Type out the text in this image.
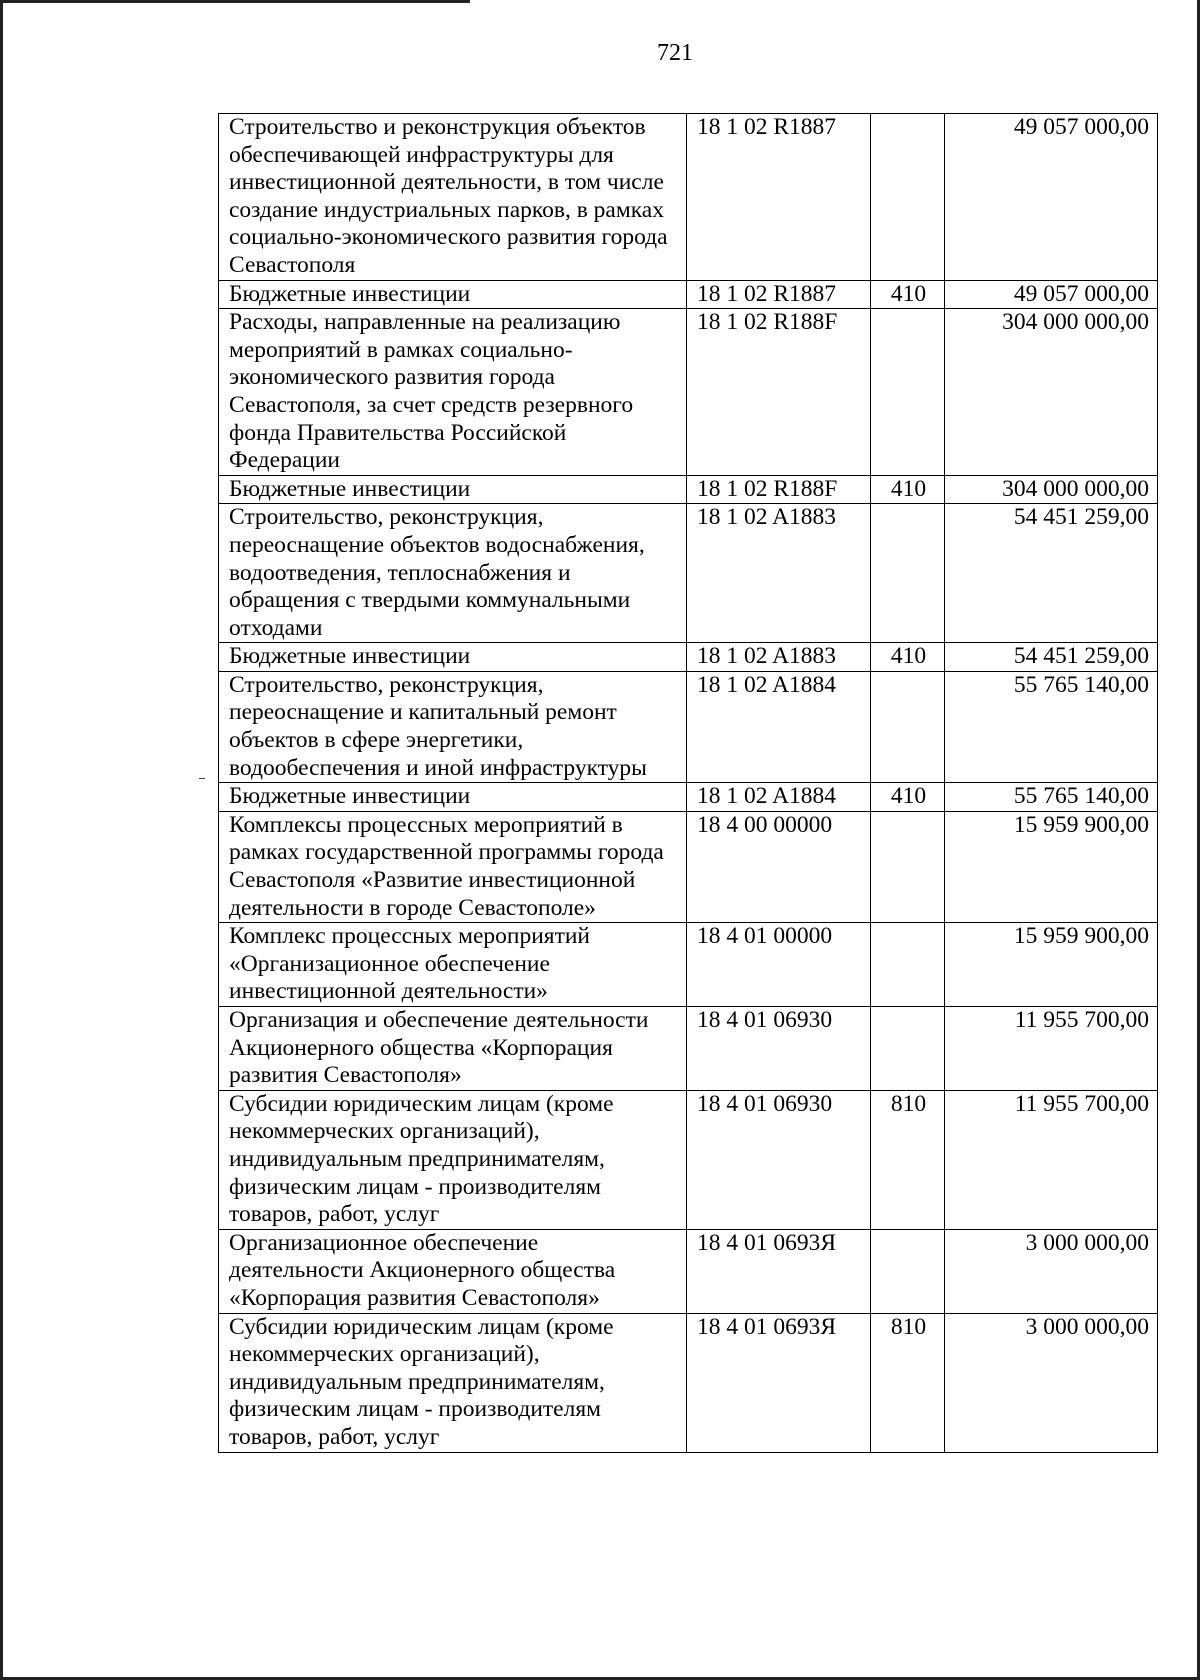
721
Строительство и реконструкция объектов обеспечивающей инфраструктуры для инвестиционной деятельности, в том числе создание индустриальных парков, в рамках социально-экономического развития города Севастополя	18 1 02 R1887		49 057 000,00
Бюджетные инвестиции	18 1 02 R1887	410	49 057 000,00
Расходы, направленные на реализацию мероприятий в рамках социально-экономического развития города Севастополя, за счет средств резервного фонда Правительства Российской Федерации	18 1 02 R188F		304 000 000,00
Бюджетные инвестиции	18 1 02 R188F	410	304 000 000,00
Строительство, реконструкция, переоснащение объектов водоснабжения, водоотведения, теплоснабжения и обращения с твердыми коммунальными отходами	18 1 02 A1883		54 451 259,00
Бюджетные инвестиции	18 1 02 A1883	410	54 451 259,00
Строительство, реконструкция, переоснащение и капитальный ремонт объектов в сфере энергетики, водообеспечения и иной инфраструктуры	18 1 02 A1884		55 765 140,00
Бюджетные инвестиции	18 1 02 A1884	410	55 765 140,00
Комплексы процессных мероприятий в рамках государственной программы города Севастополя «Развитие инвестиционной деятельности в городе Севастополе»	18 4 00 00000		15 959 900,00
Комплекс процессных мероприятий «Организационное обеспечение инвестиционной деятельности»	18 4 01 00000		15 959 900,00
Организация и обеспечение деятельности Акционерного общества «Корпорация развития Севастополя»	18 4 01 06930		11 955 700,00
Субсидии юридическим лицам (кроме некоммерческих организаций), индивидуальным предпринимателям, физическим лицам - производителям товаров, работ, услуг	18 4 01 06930	810	11 955 700,00
Организационное обеспечение деятельности Акционерного общества «Корпорация развития Севастополя»	18 4 01 0693Я		3 000 000,00
Субсидии юридическим лицам (кроме некоммерческих организаций), индивидуальным предпринимателям, физическим лицам - производителям товаров, работ, услуг	18 4 01 0693Я	810	3 000 000,00
